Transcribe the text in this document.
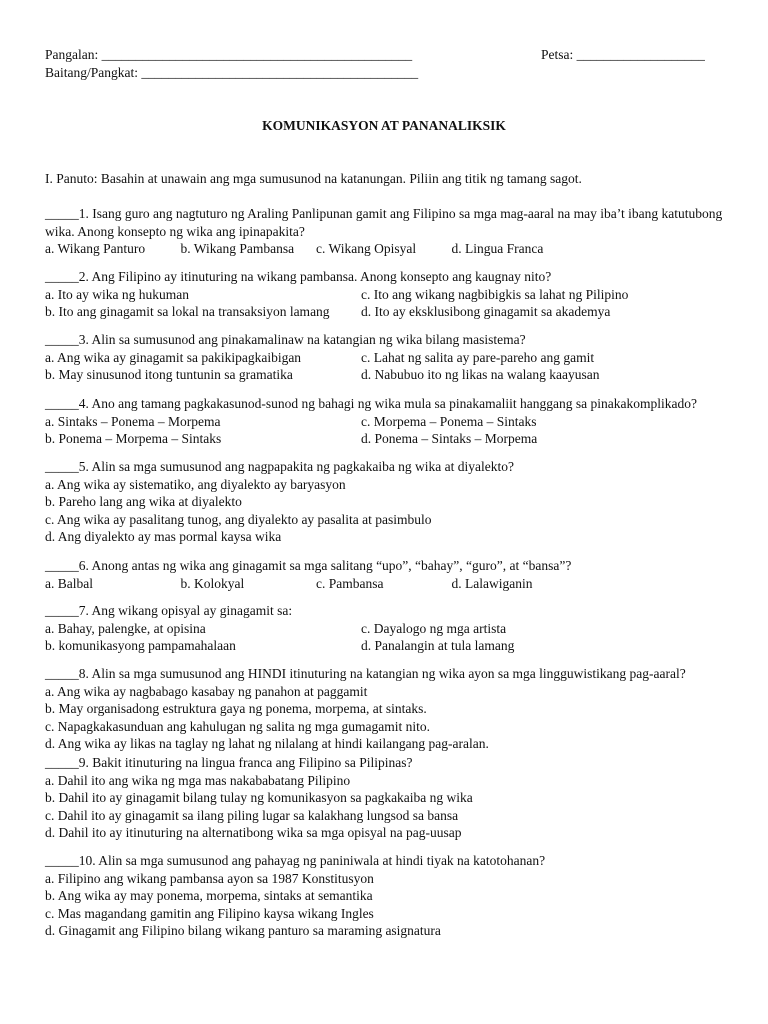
Pangalan: ______________________________________________
Baitang/Pangkat: _________________________________________
Petsa: ___________________
KOMUNIKASYON AT PANANALIKSIK
I. Panuto: Basahin at unawain ang mga sumusunod na katanungan. Piliin ang titik ng tamang sagot.
_____1. Isang guro ang nagtuturo ng Araling Panlipunan gamit ang Filipino sa mga mag-aaral na may iba’t ibang katutubong wika. Anong konsepto ng wika ang ipinapakita?
a. Wikang Panturo	b. Wikang Pambansa	c. Wikang Opisyal	d. Lingua Franca
_____2. Ang Filipino ay itinuturing na wikang pambansa. Anong konsepto ang kaugnay nito?
a. Ito ay wika ng hukuman	c. Ito ang wikang nagbibigkis sa lahat ng Pilipino
b. Ito ang ginagamit sa lokal na transaksiyon lamang	d. Ito ay eksklusibong ginagamit sa akademya
_____3. Alin sa sumusunod ang pinakamalinaw na katangian ng wika bilang masistema?
a. Ang wika ay ginagamit sa pakikipagkaibigan	c. Lahat ng salita ay pare-pareho ang gamit
b. May sinusunod itong tuntunin sa gramatika	d. Nabubuo ito ng likas na walang kaayusan
_____4. Ano ang tamang pagkakasunod-sunod ng bahagi ng wika mula sa pinakamaliit hanggang sa pinakakomplikado?
a. Sintaks – Ponema – Morpema	c. Morpema – Ponema – Sintaks
b. Ponema – Morpema – Sintaks	d. Ponema – Sintaks – Morpema
_____5. Alin sa mga sumusunod ang nagpapakita ng pagkakaiba ng wika at diyalekto?
a. Ang wika ay sistematiko, ang diyalekto ay baryasyon
b. Pareho lang ang wika at diyalekto
c. Ang wika ay pasalitang tunog, ang diyalekto ay pasalita at pasimbulo
d. Ang diyalekto ay mas pormal kaysa wika
_____6. Anong antas ng wika ang ginagamit sa mga salitang “upo”, “bahay”, “guro”, at “bansa”?
a. Balbal	b. Kolokyal	c. Pambansa	d. Lalawiganin
_____7. Ang wikang opisyal ay ginagamit sa:
a. Bahay, palengke, at opisina	c. Dayalogo ng mga artista
b. komunikasyong pampamahalaan	d. Panalangin at tula lamang
_____8. Alin sa mga sumusunod ang HINDI itinuturing na katangian ng wika ayon sa mga lingguwistikang pag-aaral?
a. Ang wika ay nagbabago kasabay ng panahon at paggamit
b. May organisadong estruktura gaya ng ponema, morpema, at sintaks.
c. Napagkakasunduan ang kahulugan ng salita ng mga gumagamit nito.
d. Ang wika ay likas na taglay ng lahat ng nilalang at hindi kailangang pag-aralan.
_____9. Bakit itinuturing na lingua franca ang Filipino sa Pilipinas?
a. Dahil ito ang wika ng mga mas nakababatang Pilipino
b. Dahil ito ay ginagamit bilang tulay ng komunikasyon sa pagkakaiba ng wika
c. Dahil ito ay ginagamit sa ilang piling lugar sa kalakhang lungsod sa bansa
d. Dahil ito ay itinuturing na alternatibong wika sa mga opisyal na pag-uusap
_____10. Alin sa mga sumusunod ang pahayag ng paniniwala at hindi tiyak na katotohanan?
a. Filipino ang wikang pambansa ayon sa 1987 Konstitusyon
b. Ang wika ay may ponema, morpema, sintaks at semantika
c. Mas magandang gamitin ang Filipino kaysa wikang Ingles
d. Ginagamit ang Filipino bilang wikang panturo sa maraming asignatura
